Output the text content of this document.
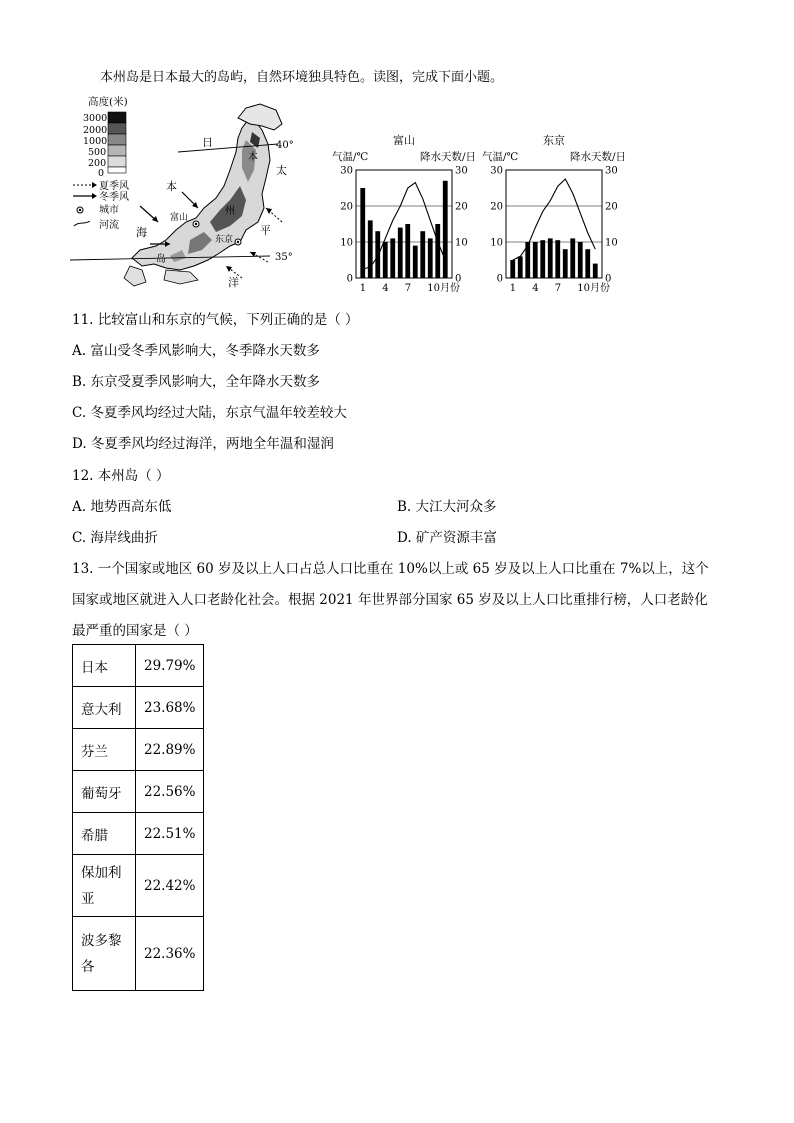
本州岛是日本最大的岛屿，自然环境独具特色。读图，完成下面小题。
高度(米)
3000
2000
1000
500
200
0
夏季风
冬季风
城市
河流
40°
35°
富山
东京
日
本
海
本
州
岛
太
平
洋
富山
气温/℃	降水天数/日
0	0
10	10
20	20
30	30
1 4 7 10月份
东京
气温/℃	降水天数/日
0	0
10	10
20	20
30	30
1 4 7 10月份
11. 比较富山和东京的气候，下列正确的是（ ）
A. 富山受冬季风影响大，冬季降水天数多
B. 东京受夏季风影响大，全年降水天数多
C. 冬夏季风均经过大陆，东京气温年较差较大
D. 冬夏季风均经过海洋，两地全年温和湿润
12. 本州岛（ ）
A. 地势西高东低	B. 大江大河众多
C. 海岸线曲折	D. 矿产资源丰富
13. 一个国家或地区 60 岁及以上人口占总人口比重在 10%以上或 65 岁及以上人口比重在 7%以上，这个
国家或地区就进入人口老龄化社会。根据 2021 年世界部分国家 65 岁及以上人口比重排行榜，人口老龄化
最严重的国家是（ ）
日本	29.79%
意大利	23.68%
芬兰	22.89%
葡萄牙	22.56%
希腊	22.51%
保加利亚	22.42%
波多黎各	22.36%
